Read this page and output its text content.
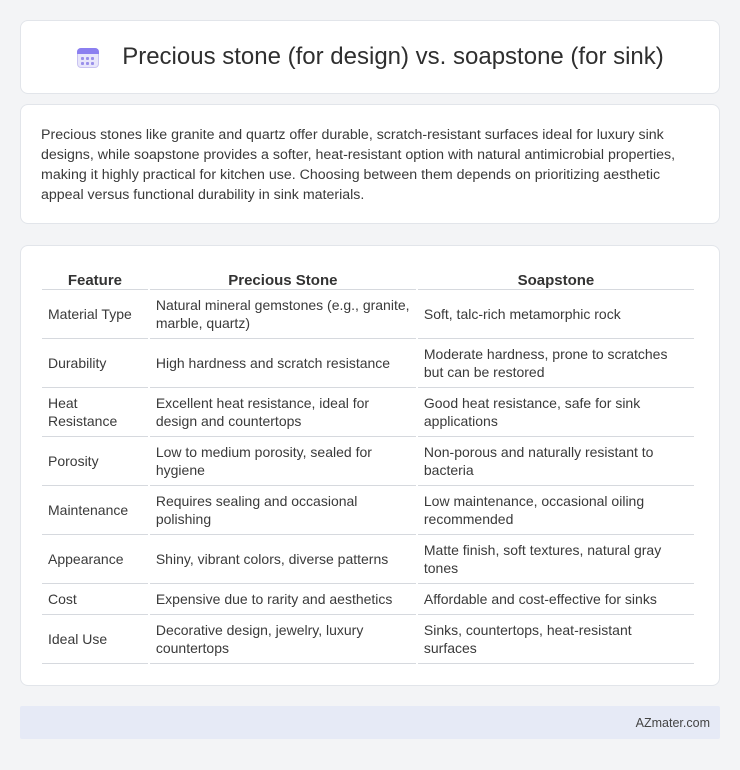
Precious stone (for design) vs. soapstone (for sink)

Precious stones like granite and quartz offer durable, scratch-resistant surfaces ideal for luxury sink designs, while soapstone provides a softer, heat-resistant option with natural antimicrobial properties, making it highly practical for kitchen use. Choosing between them depends on prioritizing aesthetic appeal versus functional durability in sink materials.

Feature	Precious Stone	Soapstone
Material Type	Natural mineral gemstones (e.g., granite, marble, quartz)	Soft, talc-rich metamorphic rock
Durability	High hardness and scratch resistance	Moderate hardness, prone to scratches but can be restored
Heat Resistance	Excellent heat resistance, ideal for design and countertops	Good heat resistance, safe for sink applications
Porosity	Low to medium porosity, sealed for hygiene	Non-porous and naturally resistant to bacteria
Maintenance	Requires sealing and occasional polishing	Low maintenance, occasional oiling recommended
Appearance	Shiny, vibrant colors, diverse patterns	Matte finish, soft textures, natural gray tones
Cost	Expensive due to rarity and aesthetics	Affordable and cost-effective for sinks
Ideal Use	Decorative design, jewelry, luxury countertops	Sinks, countertops, heat-resistant surfaces
AZmater.com
